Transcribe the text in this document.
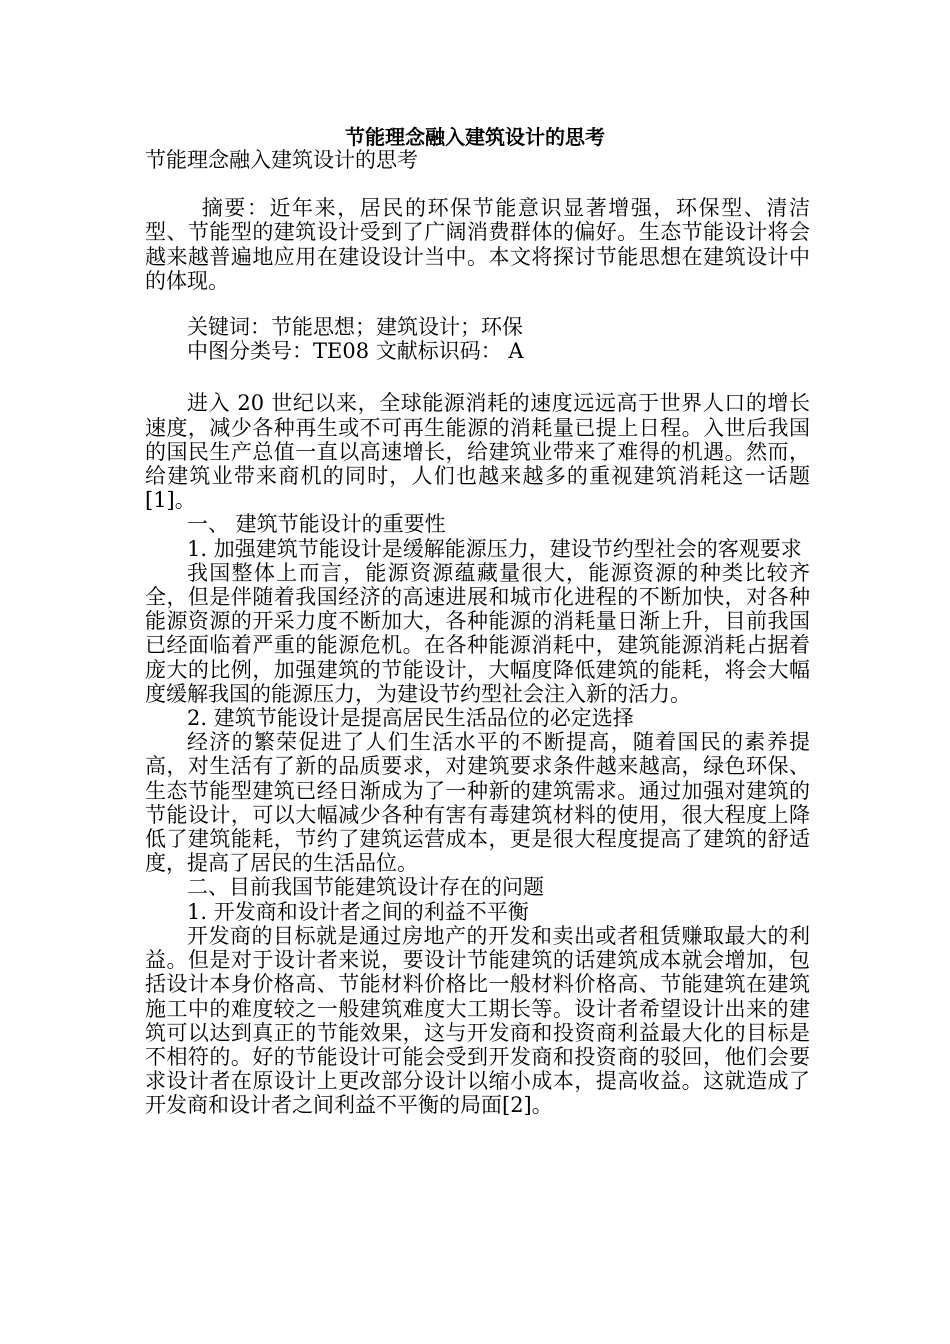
节能理念融入建筑设计的思考

节能理念融入建筑设计的思考

摘要：近年来，居民的环保节能意识显著增强，环保型、清洁型、节能型的建筑设计受到了广阔消费群体的偏好。生态节能设计将会越来越普遍地应用在建设设计当中。本文将探讨节能思想在建筑设计中的体现。

关键词：节能思想；建筑设计；环保

中图分类号：TE08 文献标识码： A

进入 20 世纪以来，全球能源消耗的速度远远高于世界人口的增长速度，减少各种再生或不可再生能源的消耗量已提上日程。入世后我国的国民生产总值一直以高速增长，给建筑业带来了难得的机遇。然而，给建筑业带来商机的同时，人们也越来越多的重视建筑消耗这一话题[1]。

一、 建筑节能设计的重要性

1. 加强建筑节能设计是缓解能源压力，建设节约型社会的客观要求

我国整体上而言，能源资源蕴藏量很大，能源资源的种类比较齐全，但是伴随着我国经济的高速进展和城市化进程的不断加快，对各种能源资源的开采力度不断加大，各种能源的消耗量日渐上升，目前我国已经面临着严重的能源危机。在各种能源消耗中，建筑能源消耗占据着庞大的比例，加强建筑的节能设计，大幅度降低建筑的能耗，将会大幅度缓解我国的能源压力，为建设节约型社会注入新的活力。

2. 建筑节能设计是提高居民生活品位的必定选择

经济的繁荣促进了人们生活水平的不断提高，随着国民的素养提高，对生活有了新的品质要求，对建筑要求条件越来越高，绿色环保、生态节能型建筑已经日渐成为了一种新的建筑需求。通过加强对建筑的节能设计，可以大幅减少各种有害有毒建筑材料的使用，很大程度上降低了建筑能耗，节约了建筑运营成本，更是很大程度提高了建筑的舒适度，提高了居民的生活品位。

二、目前我国节能建筑设计存在的问题

1. 开发商和设计者之间的利益不平衡

开发商的目标就是通过房地产的开发和卖出或者租赁赚取最大的利益。但是对于设计者来说，要设计节能建筑的话建筑成本就会增加，包括设计本身价格高、节能材料价格比一般材料价格高、节能建筑在建筑施工中的难度较之一般建筑难度大工期长等。设计者希望设计出来的建筑可以达到真正的节能效果，这与开发商和投资商利益最大化的目标是不相符的。好的节能设计可能会受到开发商和投资商的驳回，他们会要求设计者在原设计上更改部分设计以缩小成本，提高收益。这就造成了开发商和设计者之间利益不平衡的局面[2]。
